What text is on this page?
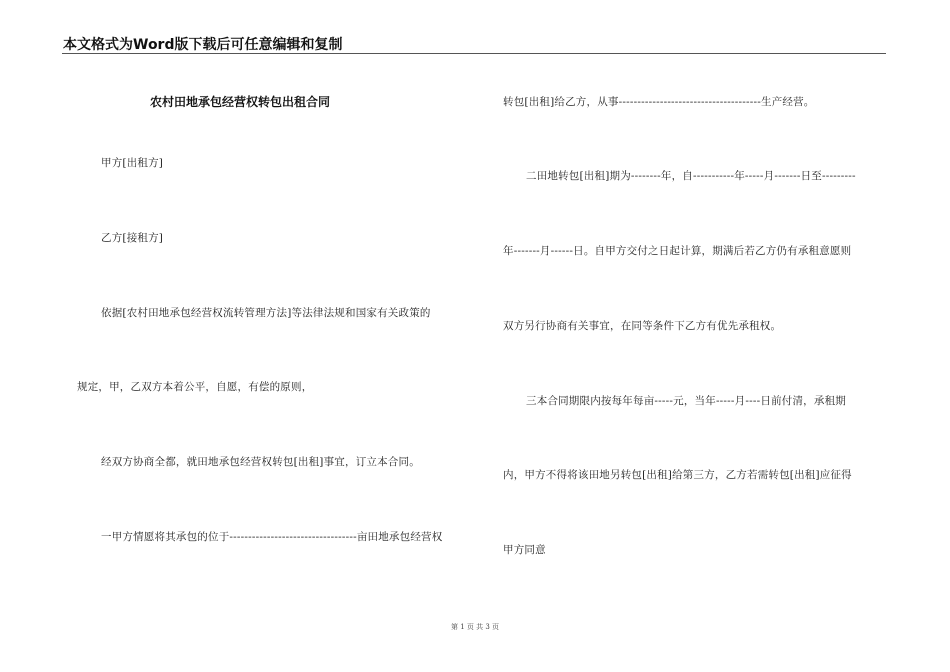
本文格式为Word版下载后可任意编辑和复制
农村田地承包经营权转包出租合同
甲方[出租方]
乙方[接租方]
依据[农村田地承包经营权流转管理方法]等法律法规和国家有关政策的
规定，甲，乙双方本着公平，自愿，有偿的原则，
经双方协商全都，就田地承包经营权转包[出租]事宜，订立本合同。
一甲方情愿将其承包的位于----------------------------------亩田地承包经营权
转包[出租]给乙方，从事--------------------------------------生产经营。
二田地转包[出租]期为--------年，自-----------年-----月-------日至---------
年-------月------日。自甲方交付之日起计算，期满后若乙方仍有承租意愿则
双方另行协商有关事宜，在同等条件下乙方有优先承租权。
三本合同期限内按每年每亩-----元，当年-----月----日前付清，承租期
内，甲方不得将该田地另转包[出租]给第三方，乙方若需转包[出租]应征得
甲方同意
第 1 页 共 3 页
